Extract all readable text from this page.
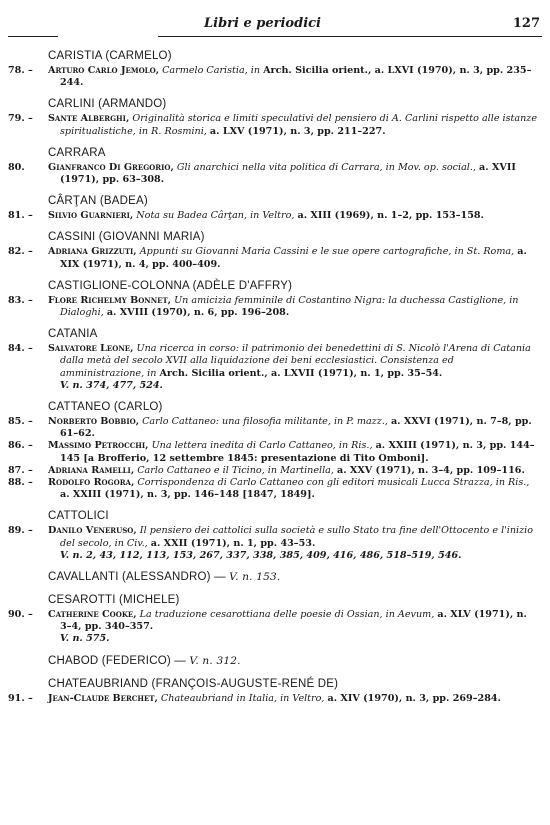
Libri e periodici	127
CARISTIA (CARMELO)
78. –	Arturo Carlo Jemolo, Carmelo Caristia, in Arch. Sicilia orient., a. LXVI (1970), n. 3, pp. 235–244.
CARLINI (ARMANDO)
79. –	Sante Alberghi, Originalità storica e limiti speculativi del pensiero di A. Carlini rispetto alle istanze spiritualistiche, in R. Rosmini, a. LXV (1971), n. 3, pp. 211–227.
CARRARA
80.	Gianfranco Di Gregorio, Gli anarchici nella vita politica di Carrara, in Mov. op. social., a. XVII (1971), pp. 63–308.
CÂRŢAN (BADEA)
81. –	Silvio Guarnieri, Nota su Badea Cârţan, in Veltro, a. XIII (1969), n. 1–2, pp. 153–158.
CASSINI (GIOVANNI MARIA)
82. –	Adriana Grizzuti, Appunti su Giovanni Maria Cassini e le sue opere cartografiche, in St. Roma, a. XIX (1971), n. 4, pp. 400–409.
CASTIGLIONE-COLONNA (ADÈLE D'AFFRY)
83. –	Flore Richelmy Bonnet, Un amicizia femminile di Costantino Nigra: la duchessa Castiglione, in Dialoghi, a. XVIII (1970), n. 6, pp. 196–208.
CATANIA
84. –	Salvatore Leone, Una ricerca in corso: il patrimonio dei benedettini di S. Nicolò l'Arena di Catania dalla metà del secolo XVII alla liquidazione dei beni ecclesiastici. Consistenza ed amministrazione, in Arch. Sicilia orient., a. LXVII (1971), n. 1, pp. 35–54.
V. n. 374, 477, 524.
CATTANEO (CARLO)
85. –	Norberto Bobbio, Carlo Cattaneo: una filosofia militante, in P. mazz., a. XXVI (1971), n. 7–8, pp. 61–62.
86. –	Massimo Petrocchi, Una lettera inedita di Carlo Cattaneo, in Ris., a. XXIII (1971), n. 3, pp. 144–145 [a Brofferio, 12 settembre 1845: presentazione di Tito Omboni].
87. –	Adriana Ramelli, Carlo Cattaneo e il Ticino, in Martinella, a. XXV (1971), n. 3–4, pp. 109–116.
88. –	Rodolfo Rogora, Corrispondenza di Carlo Cattaneo con gli editori musicali Lucca Strazza, in Ris., a. XXIII (1971), n. 3, pp. 146–148 [1847, 1849].
CATTOLICI
89. –	Danilo Veneruso, Il pensiero dei cattolici sulla società e sullo Stato tra fine dell'Ottocento e l'inizio del secolo, in Civ., a. XXII (1971), n. 1, pp. 43–53.
V. n. 2, 43, 112, 113, 153, 267, 337, 338, 385, 409, 416, 486, 518–519, 546.
CAVALLANTI (ALESSANDRO) — V. n. 153.
CESAROTTI (MICHELE)
90. –	Catherine Cooke, La traduzione cesarottiana delle poesie di Ossian, in Aevum, a. XLV (1971), n. 3–4, pp. 340–357.
V. n. 575.
CHABOD (FEDERICO) — V. n. 312.
CHATEAUBRIAND (FRANÇOIS-AUGUSTE-RENÉ DE)
91. –	Jean-Claude Berchet, Chateaubriand in Italia, in Veltro, a. XIV (1970), n. 3, pp. 269–284.
